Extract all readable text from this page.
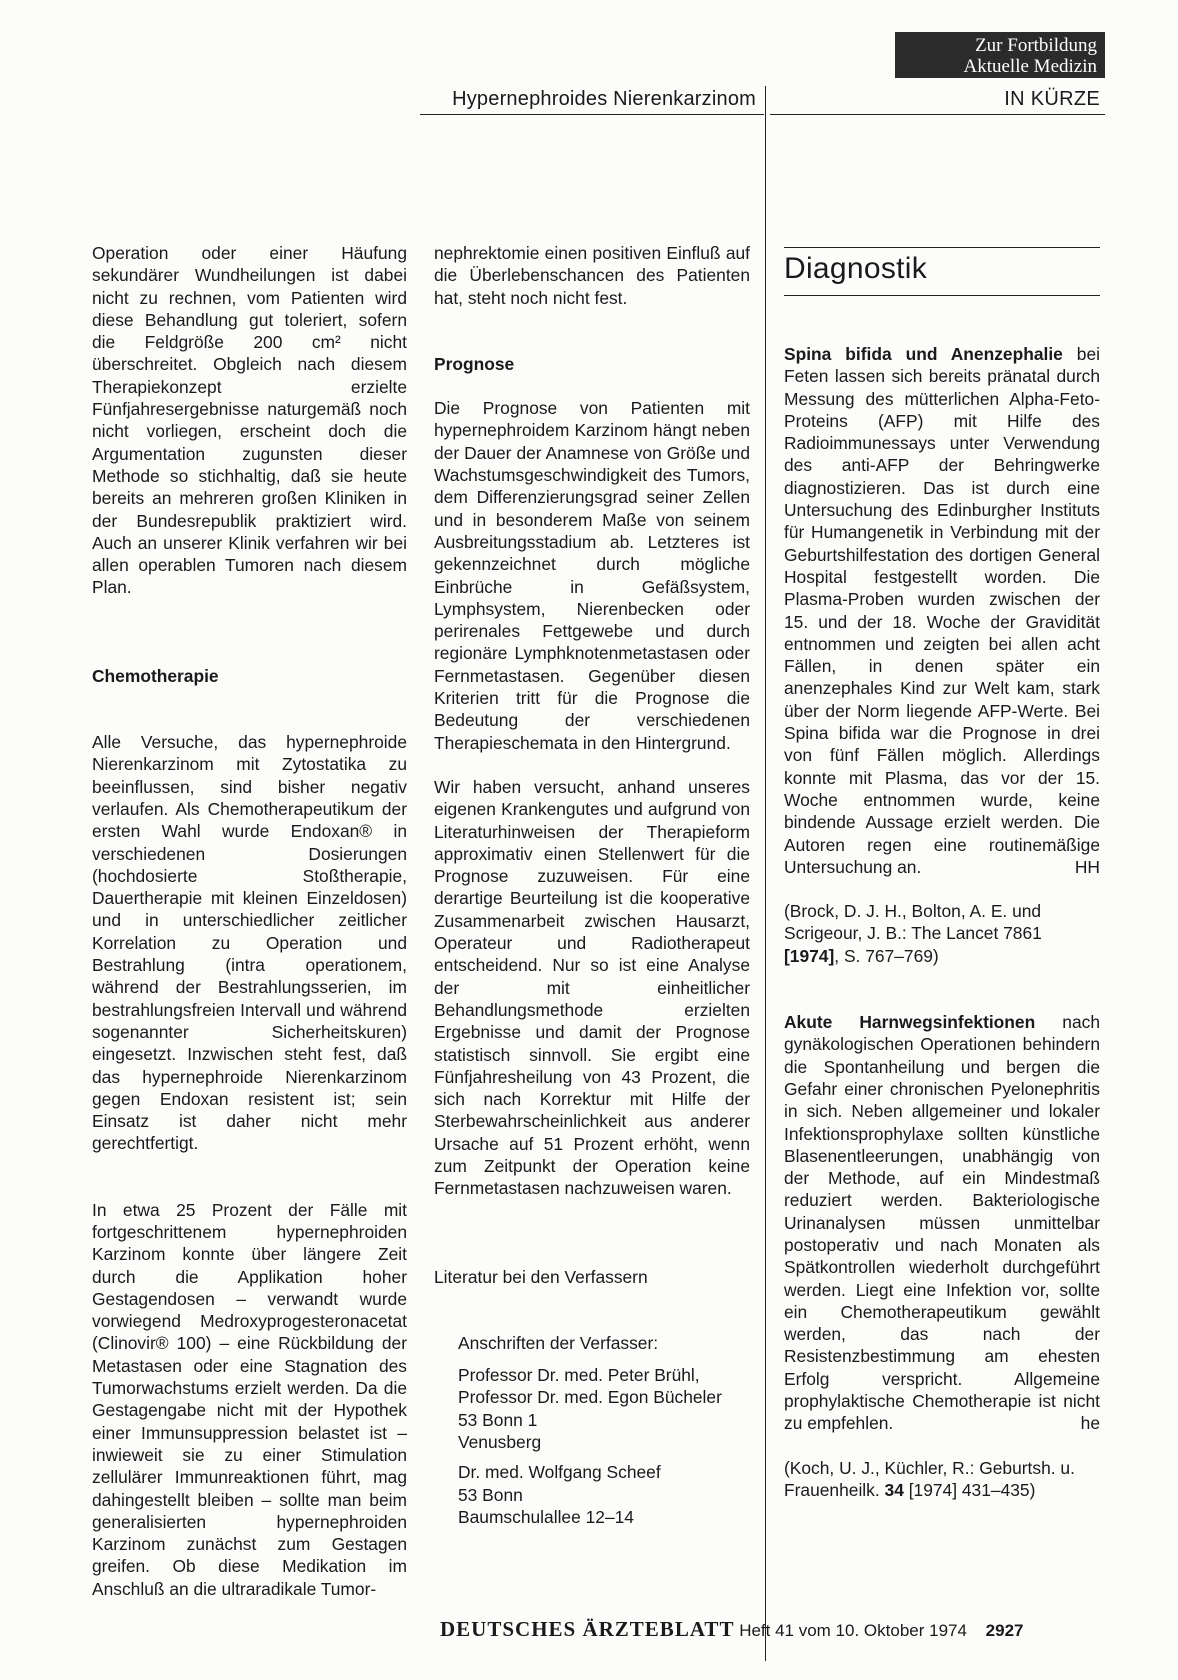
Zur Fortbildung
Aktuelle Medizin
Hypernephroides Nierenkarzinom	IN KÜRZE

Operation oder einer Häufung sekundärer Wundheilungen ist dabei nicht zu rechnen, vom Patienten wird diese Behandlung gut toleriert, sofern die Feldgröße 200 cm² nicht überschreitet. Obgleich nach diesem Therapiekonzept erzielte Fünfjahresergebnisse naturgemäß noch nicht vorliegen, erscheint doch die Argumentation zugunsten dieser Methode so stichhaltig, daß sie heute bereits an mehreren großen Kliniken in der Bundesrepublik praktiziert wird. Auch an unserer Klinik verfahren wir bei allen operablen Tumoren nach diesem Plan.

Chemotherapie

Alle Versuche, das hypernephroide Nierenkarzinom mit Zytostatika zu beeinflussen, sind bisher negativ verlaufen. Als Chemotherapeutikum der ersten Wahl wurde Endoxan® in verschiedenen Dosierungen (hochdosierte Stoßtherapie, Dauertherapie mit kleinen Einzeldosen) und in unterschiedlicher zeitlicher Korrelation zu Operation und Bestrahlung (intra operationem, während der Bestrahlungsserien, im bestrahlungsfreien Intervall und während sogenannter Sicherheitskuren) eingesetzt. Inzwischen steht fest, daß das hypernephroide Nierenkarzinom gegen Endoxan resistent ist; sein Einsatz ist daher nicht mehr gerechtfertigt.

In etwa 25 Prozent der Fälle mit fortgeschrittenem hypernephroiden Karzinom konnte über längere Zeit durch die Applikation hoher Gestagendosen – verwandt wurde vorwiegend Medroxyprogesteronacetat (Clinovir® 100) – eine Rückbildung der Metastasen oder eine Stagnation des Tumorwachstums erzielt werden. Da die Gestagengabe nicht mit der Hypothek einer Immunsuppression belastet ist – inwieweit sie zu einer Stimulation zellulärer Immunreaktionen führt, mag dahingestellt bleiben – sollte man beim generalisierten hypernephroiden Karzinom zunächst zum Gestagen greifen. Ob diese Medikation im Anschluß an die ultraradikale Tumor-

nephrektomie einen positiven Einfluß auf die Überlebenschancen des Patienten hat, steht noch nicht fest.

Prognose

Die Prognose von Patienten mit hypernephroidem Karzinom hängt neben der Dauer der Anamnese von Größe und Wachstumsgeschwindigkeit des Tumors, dem Differenzierungsgrad seiner Zellen und in besonderem Maße von seinem Ausbreitungsstadium ab. Letzteres ist gekennzeichnet durch mögliche Einbrüche in Gefäßsystem, Lymphsystem, Nierenbecken oder perirenales Fettgewebe und durch regionäre Lymphknotenmetastasen oder Fernmetastasen. Gegenüber diesen Kriterien tritt für die Prognose die Bedeutung der verschiedenen Therapieschemata in den Hintergrund.

Wir haben versucht, anhand unseres eigenen Krankengutes und aufgrund von Literaturhinweisen der Therapieform approximativ einen Stellenwert für die Prognose zuzuweisen. Für eine derartige Beurteilung ist die kooperative Zusammenarbeit zwischen Hausarzt, Operateur und Radiotherapeut entscheidend. Nur so ist eine Analyse der mit einheitlicher Behandlungsmethode erzielten Ergebnisse und damit der Prognose statistisch sinnvoll. Sie ergibt eine Fünfjahresheilung von 43 Prozent, die sich nach Korrektur mit Hilfe der Sterbewahrscheinlichkeit aus anderer Ursache auf 51 Prozent erhöht, wenn zum Zeitpunkt der Operation keine Fernmetastasen nachzuweisen waren.

Literatur bei den Verfassern

Anschriften der Verfasser:

Professor Dr. med. Peter Brühl,

Professor Dr. med. Egon Bücheler

53 Bonn 1

Venusberg

Dr. med. Wolfgang Scheef

53 Bonn

Baumschulallee 12–14

Diagnostik

Spina bifida und Anenzephalie bei Feten lassen sich bereits pränatal durch Messung des mütterlichen Alpha-Feto-Proteins (AFP) mit Hilfe des Radioimmunessays unter Verwendung des anti-AFP der Behringwerke diagnostizieren. Das ist durch eine Untersuchung des Edinburgher Instituts für Humangenetik in Verbindung mit der Geburtshilfestation des dortigen General Hospital festgestellt worden. Die Plasma-Proben wurden zwischen der 15. und der 18. Woche der Gravidität entnommen und zeigten bei allen acht Fällen, in denen später ein anenzephales Kind zur Welt kam, stark über der Norm liegende AFP-Werte. Bei Spina bifida war die Prognose in drei von fünf Fällen möglich. Allerdings konnte mit Plasma, das vor der 15. Woche entnommen wurde, keine bindende Aussage erzielt werden. Die Autoren regen eine routinemäßige Untersuchung an.	HH

(Brock, D. J. H., Bolton, A. E. und Scrigeour, J. B.: The Lancet 7861 [1974], S. 767–769)

Akute Harnwegsinfektionen nach gynäkologischen Operationen behindern die Spontanheilung und bergen die Gefahr einer chronischen Pyelonephritis in sich. Neben allgemeiner und lokaler Infektionsprophylaxe sollten künstliche Blasenentleerungen, unabhängig von der Methode, auf ein Mindestmaß reduziert werden. Bakteriologische Urinanalysen müssen unmittelbar postoperativ und nach Monaten als Spätkontrollen wiederholt durchgeführt werden. Liegt eine Infektion vor, sollte ein Chemotherapeutikum gewählt werden, das nach der Resistenzbestimmung am ehesten Erfolg verspricht. Allgemeine prophylaktische Chemotherapie ist nicht zu empfehlen.	he

(Koch, U. J., Küchler, R.: Geburtsh. u. Frauenheilk. 34 [1974] 431–435)

DEUTSCHES ÄRZTEBLATT Heft 41 vom 10. Oktober 1974 2927
